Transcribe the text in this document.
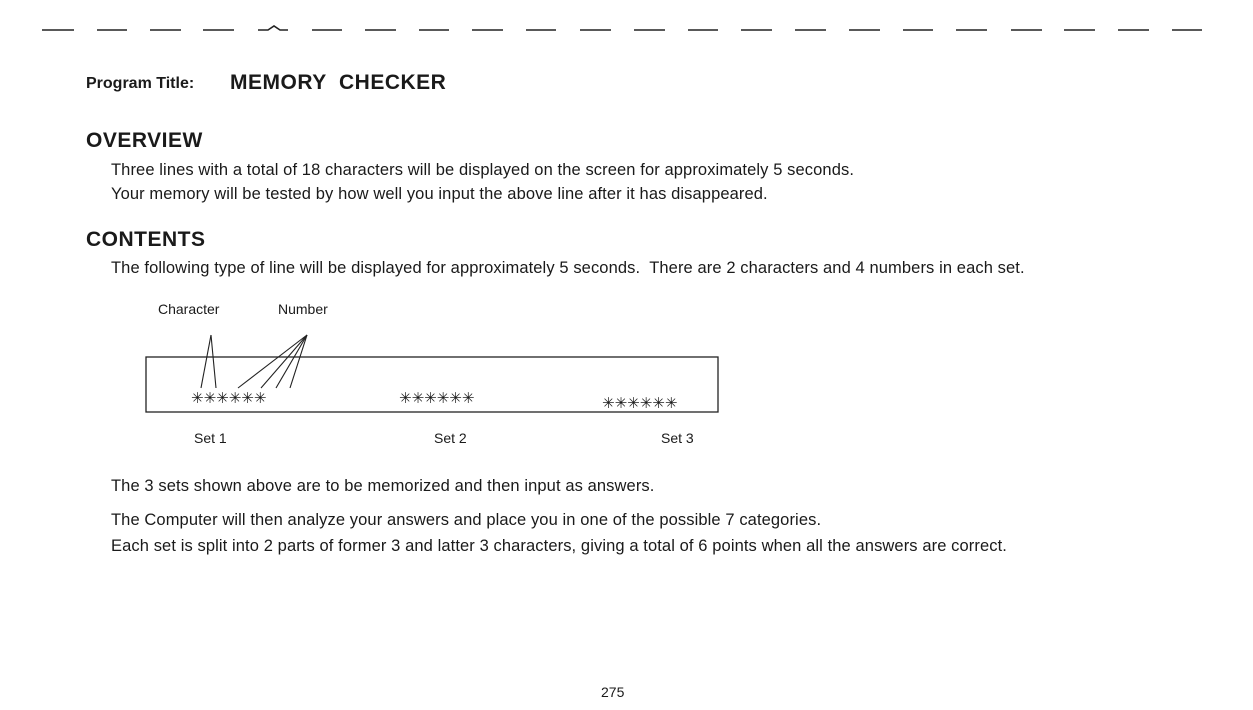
Program Title: MEMORY  CHECKER
OVERVIEW
Three lines with a total of 18 characters will be displayed on the screen for approximately 5 seconds.
Your memory will be tested by how well you input the above line after it has disappeared.
CONTENTS
The following type of line will be displayed for approximately 5 seconds.  There are 2 characters and 4 numbers in each set.
Character	Number
✳✳✳✳✳✳	✳✳✳✳✳✳	✳✳✳✳✳✳
Set 1	Set 2	Set 3
The 3 sets shown above are to be memorized and then input as answers.
The Computer will then analyze your answers and place you in one of the possible 7 categories.
Each set is split into 2 parts of former 3 and latter 3 characters, giving a total of 6 points when all the answers are correct.
275
